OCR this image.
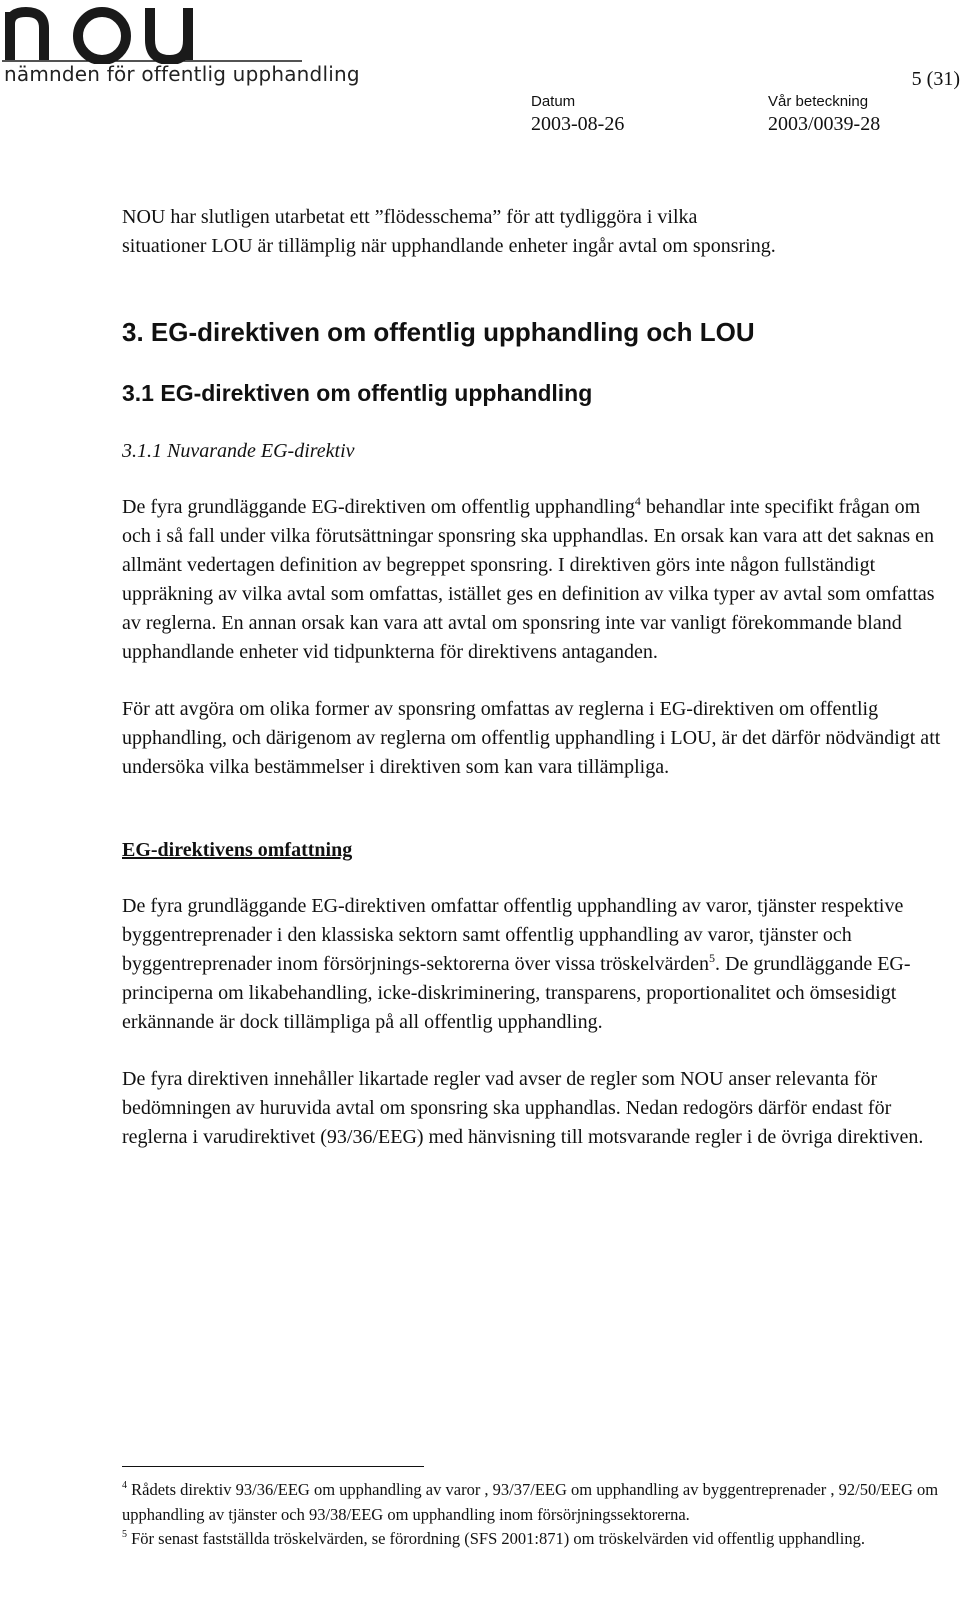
nämnden för offentlig upphandling	5 (31)
Datum
2003-08-26
Vår beteckning
2003/0039-28

NOU har slutligen utarbetat ett ”flödesschema” för att tydliggöra i vilka
situationer LOU är tillämplig när upphandlande enheter ingår avtal om sponsring.

3. EG-direktiven om offentlig upphandling och LOU
3.1 EG-direktiven om offentlig upphandling
3.1.1 Nuvarande EG-direktiv

De fyra grundläggande EG-direktiven om offentlig upphandling$^4$ behandlar inte specifikt frågan om och i så fall under vilka förutsättningar sponsring ska upphandlas. En orsak kan vara att det saknas en allmänt vedertagen definition av begreppet sponsring. I direktiven görs inte någon fullständigt uppräkning av vilka avtal som omfattas, istället ges en definition av vilka typer av avtal som omfattas av reglerna. En annan orsak kan vara att avtal om sponsring inte var vanligt förekommande bland upphandlande enheter vid tidpunkterna för direktivens antaganden.

För att avgöra om olika former av sponsring omfattas av reglerna i EG-direktiven om offentlig upphandling, och därigenom av reglerna om offentlig upphandling i LOU, är det därför nödvändigt att undersöka vilka bestämmelser i direktiven som kan vara tillämpliga.

EG-direktivens omfattning

De fyra grundläggande EG-direktiven omfattar offentlig upphandling av varor, tjänster respektive byggentreprenader i den klassiska sektorn samt offentlig upphandling av varor, tjänster och byggentreprenader inom försörjnings-sektorerna över vissa tröskelvärden$^5$. De grundläggande EG-principerna om likabehandling, icke-diskriminering, transparens, proportionalitet och ömsesidigt erkännande är dock tillämpliga på all offentlig upphandling.

De fyra direktiven innehåller likartade regler vad avser de regler som NOU anser relevanta för bedömningen av huruvida avtal om sponsring ska upphandlas. Nedan redogörs därför endast för reglerna i varudirektivet (93/36/EEG) med hänvisning till motsvarande regler i de övriga direktiven.

$^4$ Rådets direktiv 93/36/EEG om upphandling av varor , 93/37/EEG om upphandling av byggentreprenader , 92/50/EEG om upphandling av tjänster och 93/38/EEG om upphandling inom försörjningssektorerna.

$^5$ För senast fastställda tröskelvärden, se förordning (SFS 2001:871) om tröskelvärden vid offentlig upphandling.
